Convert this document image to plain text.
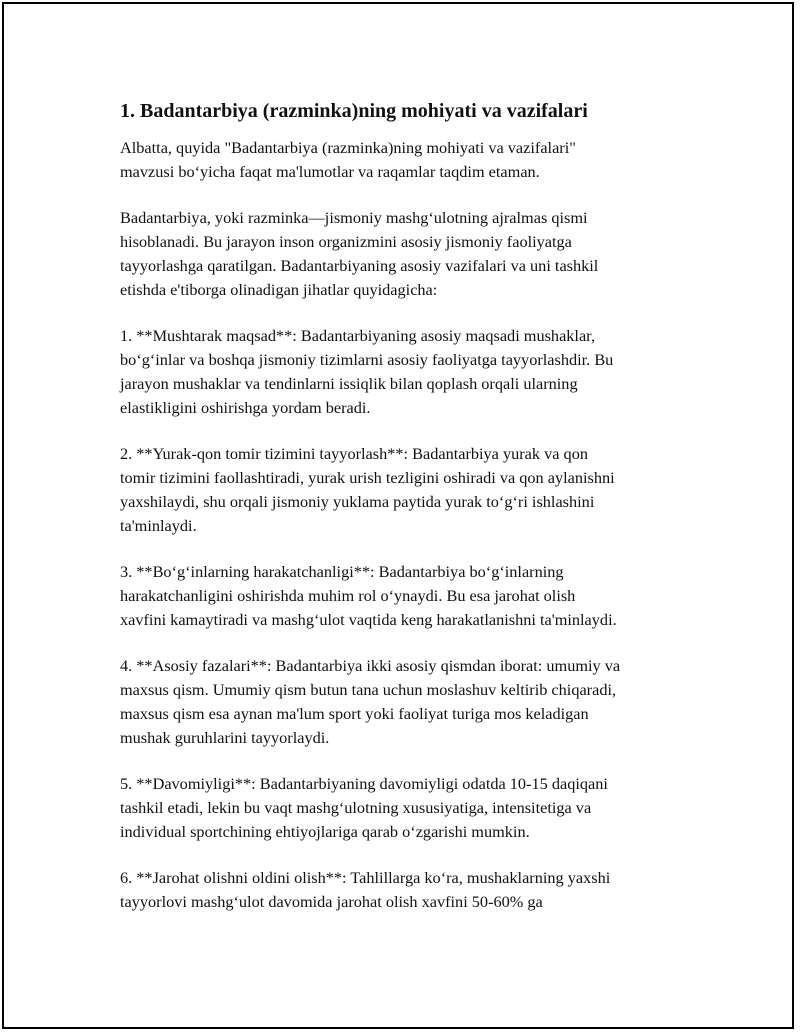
1. Badantarbiya (razminka)ning mohiyati va vazifalari

Albatta, quyida "Badantarbiya (razminka)ning mohiyati va vazifalari"
mavzusi bo‘yicha faqat ma'lumotlar va raqamlar taqdim etaman.

Badantarbiya, yoki razminka—jismoniy mashg‘ulotning ajralmas qismi
hisoblanadi. Bu jarayon inson organizmini asosiy jismoniy faoliyatga
tayyorlashga qaratilgan. Badantarbiyaning asosiy vazifalari va uni tashkil
etishda e'tiborga olinadigan jihatlar quyidagicha:

1. **Mushtarak maqsad**: Badantarbiyaning asosiy maqsadi mushaklar,
bo‘g‘inlar va boshqa jismoniy tizimlarni asosiy faoliyatga tayyorlashdir. Bu
jarayon mushaklar va tendinlarni issiqlik bilan qoplash orqali ularning
elastikligini oshirishga yordam beradi.

2. **Yurak-qon tomir tizimini tayyorlash**: Badantarbiya yurak va qon
tomir tizimini faollashtiradi, yurak urish tezligini oshiradi va qon aylanishni
yaxshilaydi, shu orqali jismoniy yuklama paytida yurak to‘g‘ri ishlashini
ta'minlaydi.

3. **Bo‘g‘inlarning harakatchanligi**: Badantarbiya bo‘g‘inlarning
harakatchanligini oshirishda muhim rol o‘ynaydi. Bu esa jarohat olish
xavfini kamaytiradi va mashg‘ulot vaqtida keng harakatlanishni ta'minlaydi.

4. **Asosiy fazalari**: Badantarbiya ikki asosiy qismdan iborat: umumiy va
maxsus qism. Umumiy qism butun tana uchun moslashuv keltirib chiqaradi,
maxsus qism esa aynan ma'lum sport yoki faoliyat turiga mos keladigan
mushak guruhlarini tayyorlaydi.

5. **Davomiyligi**: Badantarbiyaning davomiyligi odatda 10-15 daqiqani
tashkil etadi, lekin bu vaqt mashg‘ulotning xususiyatiga, intensitetiga va
individual sportchining ehtiyojlariga qarab o‘zgarishi mumkin.

6. **Jarohat olishni oldini olish**: Tahlillarga ko‘ra, mushaklarning yaxshi
tayyorlovi mashg‘ulot davomida jarohat olish xavfini 50-60% ga
